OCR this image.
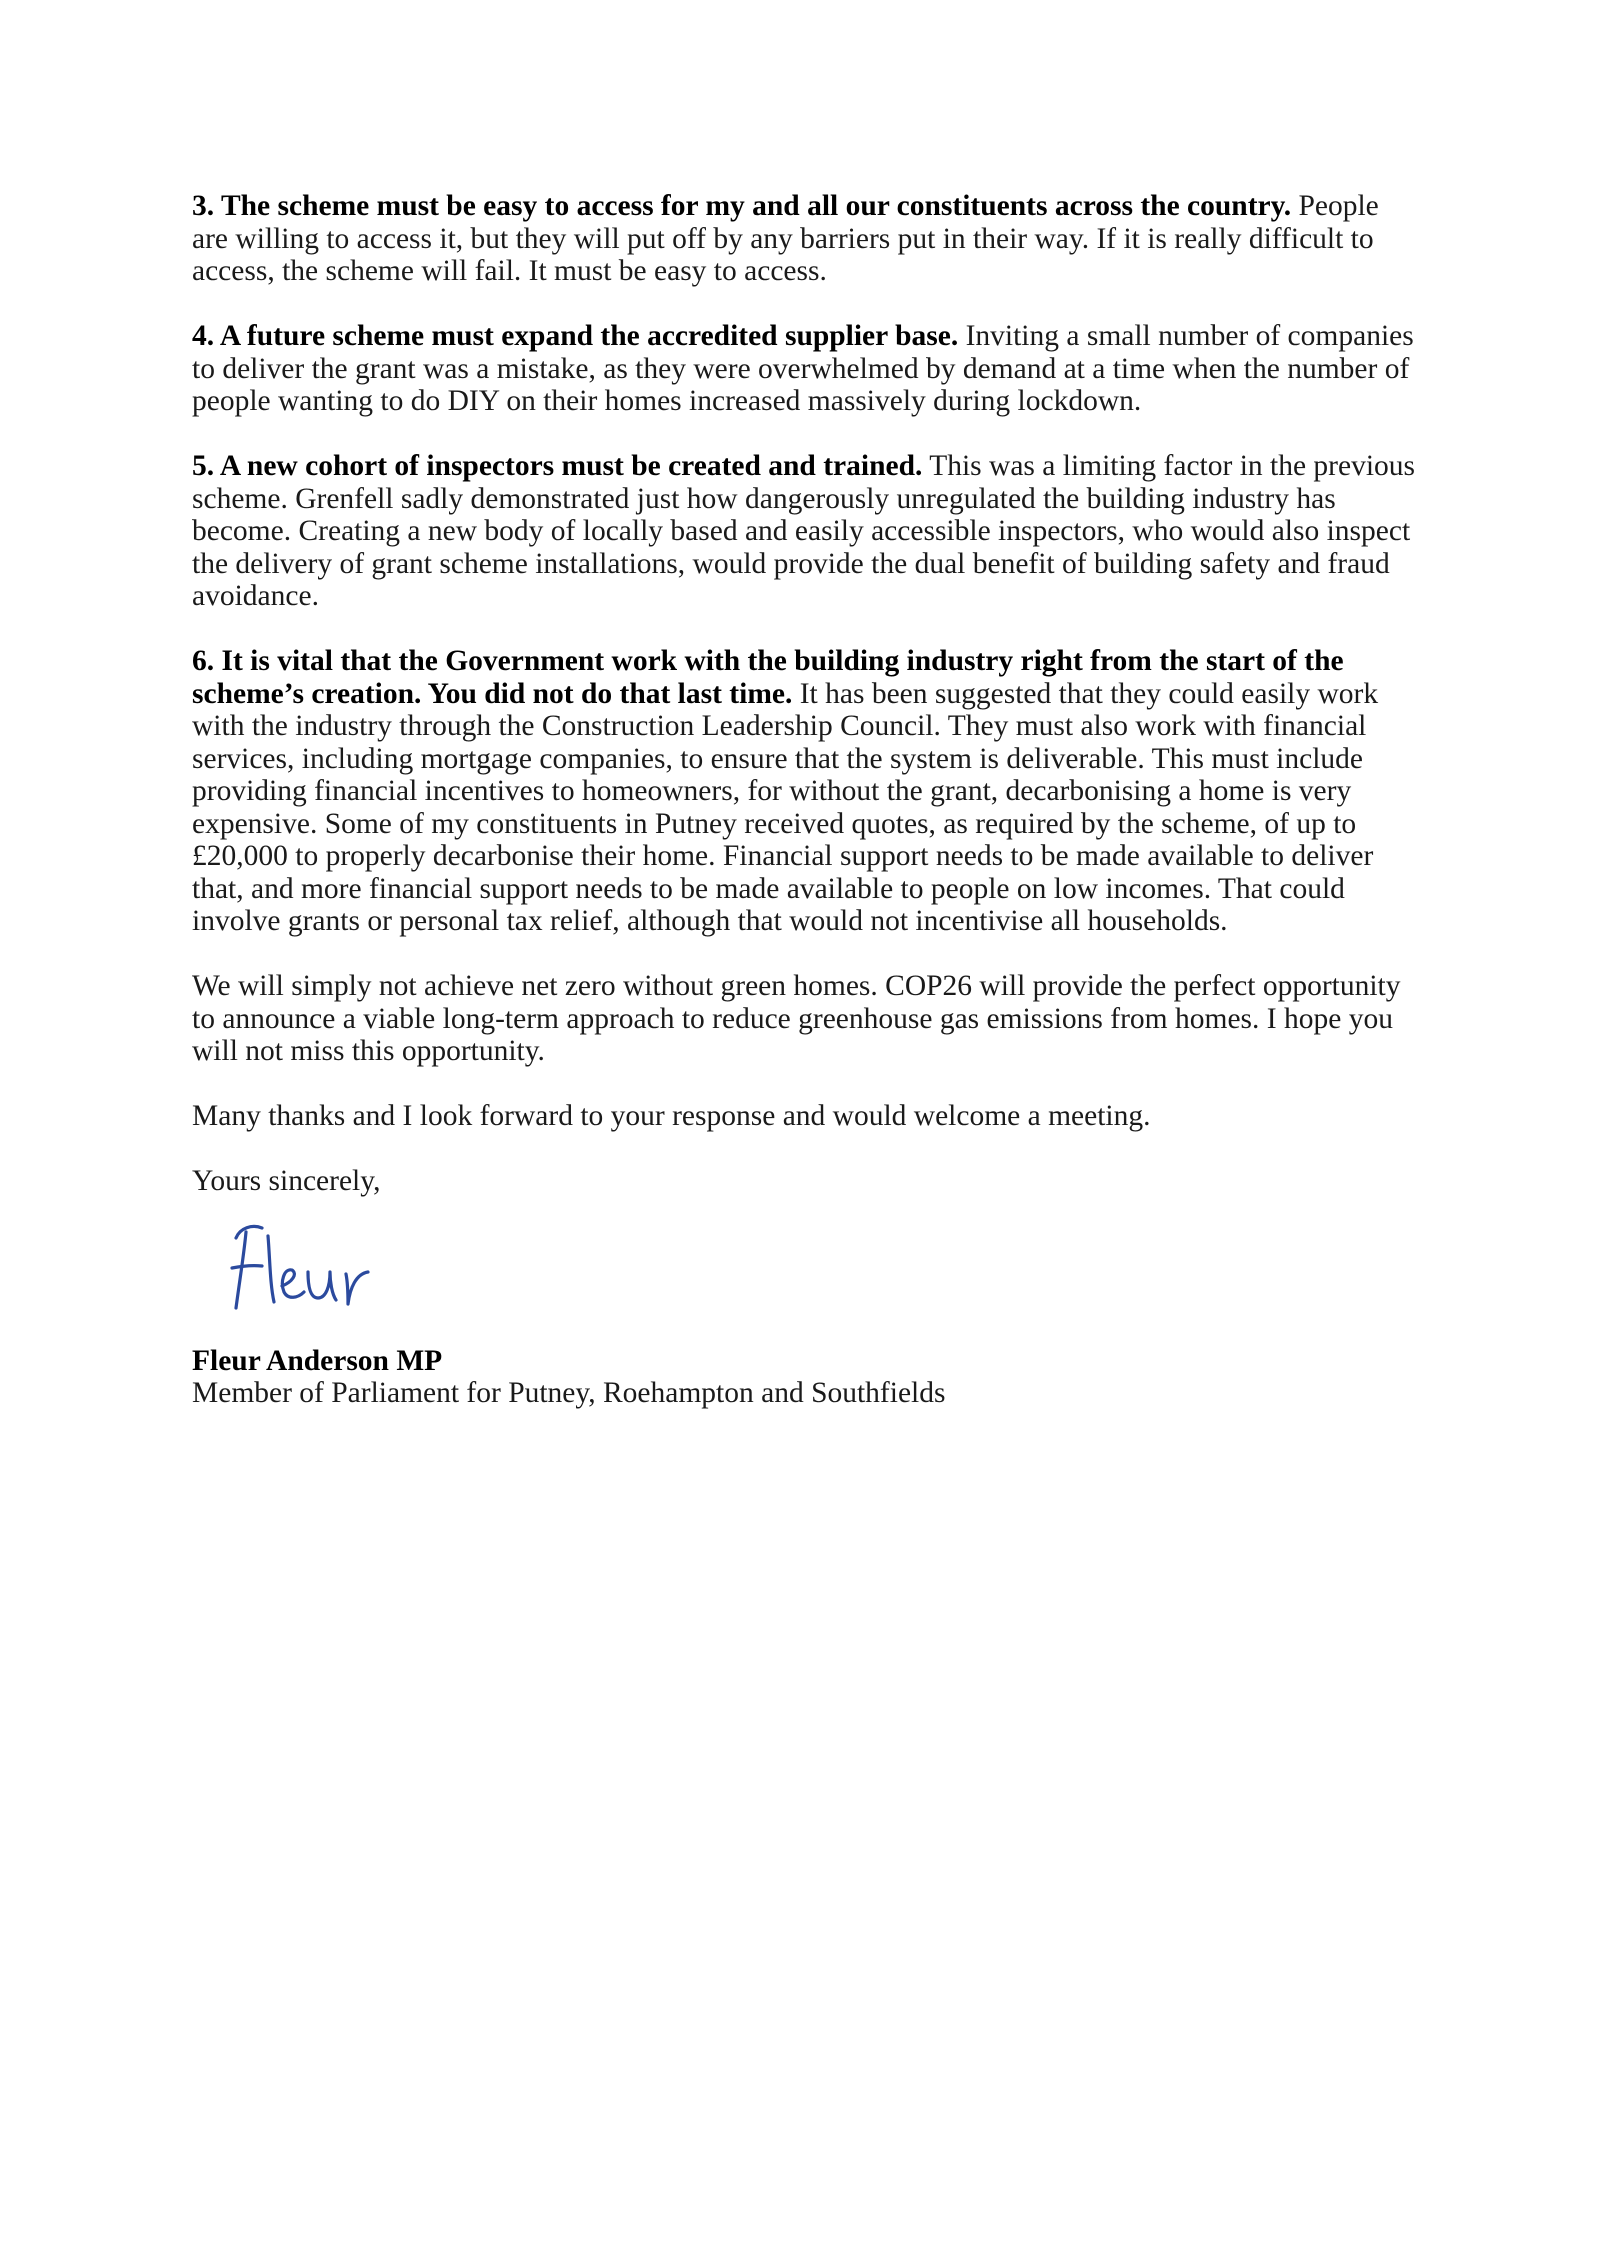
3. The scheme must be easy to access for my and all our constituents across the country. People are willing to access it, but they will put off by any barriers put in their way. If it is really difficult to access, the scheme will fail. It must be easy to access.

4. A future scheme must expand the accredited supplier base. Inviting a small number of companies to deliver the grant was a mistake, as they were overwhelmed by demand at a time when the number of people wanting to do DIY on their homes increased massively during lockdown.

5. A new cohort of inspectors must be created and trained. This was a limiting factor in the previous scheme. Grenfell sadly demonstrated just how dangerously unregulated the building industry has become. Creating a new body of locally based and easily accessible inspectors, who would also inspect the delivery of grant scheme installations, would provide the dual benefit of building safety and fraud avoidance.

6. It is vital that the Government work with the building industry right from the start of the scheme’s creation. You did not do that last time. It has been suggested that they could easily work with the industry through the Construction Leadership Council. They must also work with financial services, including mortgage companies, to ensure that the system is deliverable. This must include providing financial incentives to homeowners, for without the grant, decarbonising a home is very expensive. Some of my constituents in Putney received quotes, as required by the scheme, of up to £20,000 to properly decarbonise their home. Financial support needs to be made available to deliver that, and more financial support needs to be made available to people on low incomes. That could involve grants or personal tax relief, although that would not incentivise all households.

We will simply not achieve net zero without green homes. COP26 will provide the perfect opportunity to announce a viable long-term approach to reduce greenhouse gas emissions from homes. I hope you will not miss this opportunity.

Many thanks and I look forward to your response and would welcome a meeting.

Yours sincerely,

Fleur Anderson MP

Member of Parliament for Putney, Roehampton and Southfields
